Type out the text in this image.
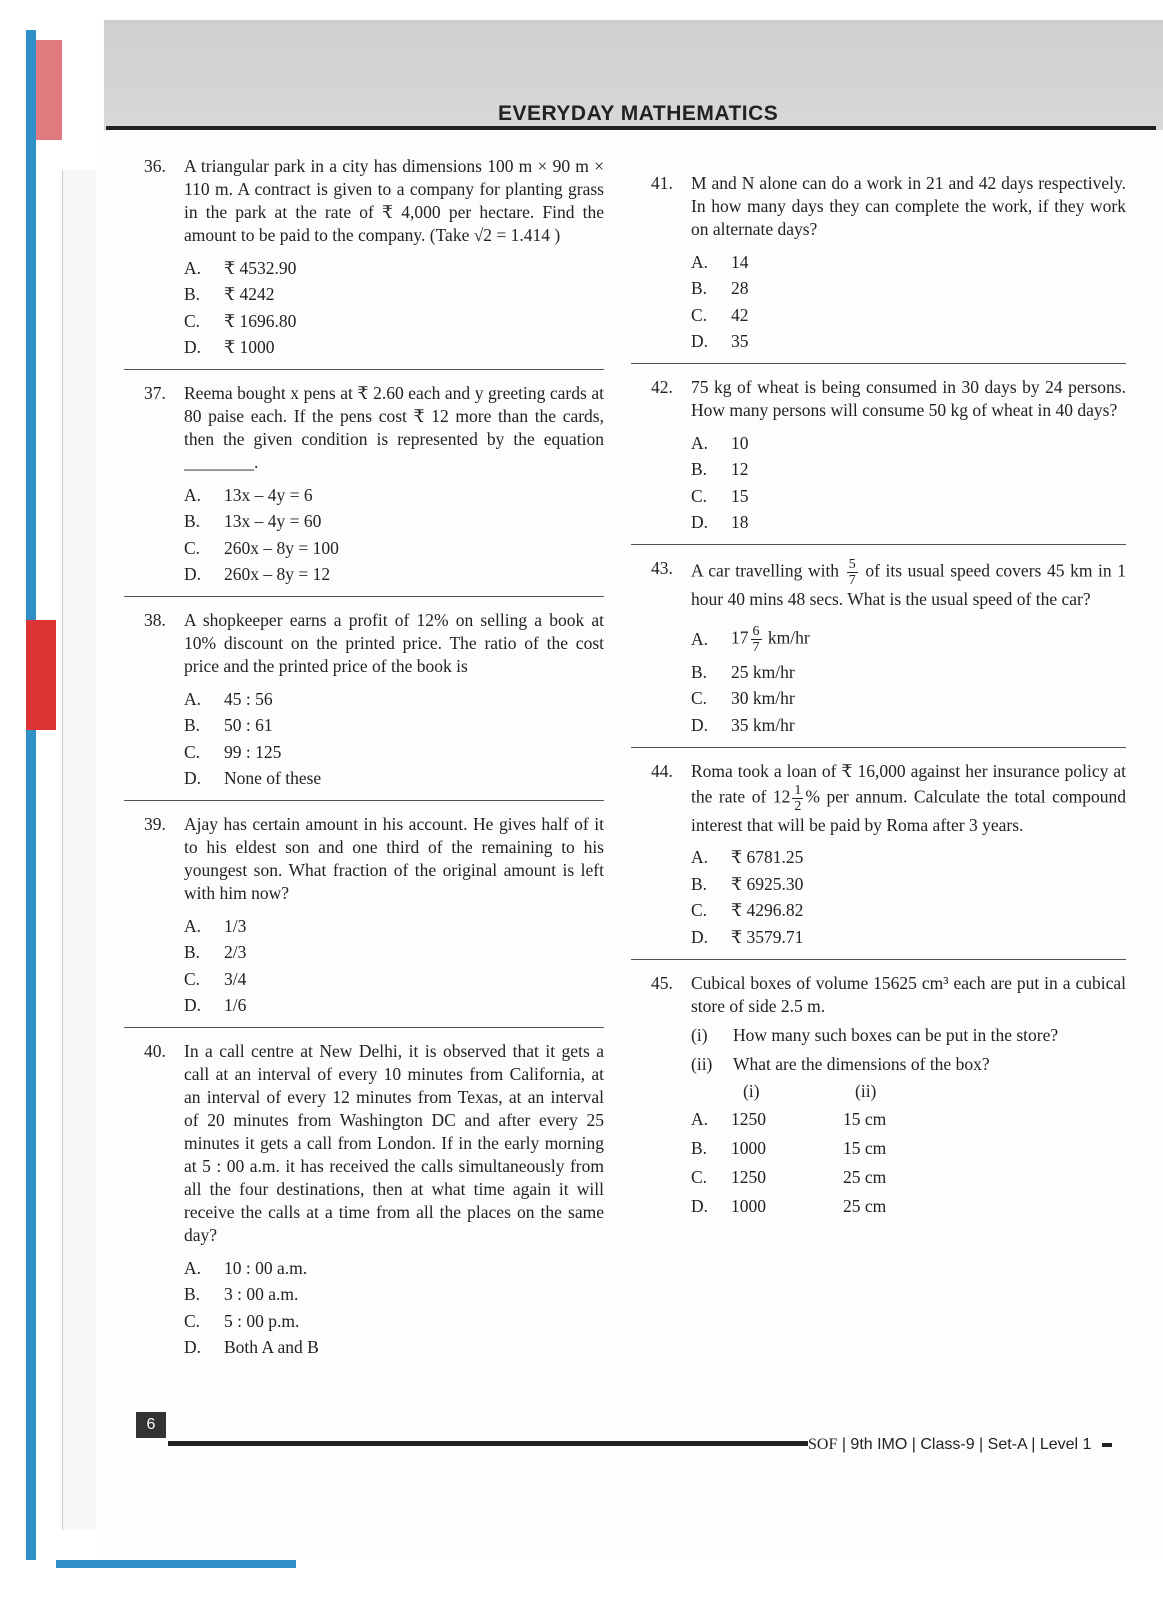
EVERYDAY MATHEMATICS
36. A triangular park in a city has dimensions 100 m × 90 m × 110 m. A contract is given to a company for planting grass in the park at the rate of ₹ 4,000 per hectare. Find the amount to be paid to the company. (Take √2 = 1.414 )
A.	₹ 4532.90
B.	₹ 4242
C.	₹ 1696.80
D.	₹ 1000
37. Reema bought x pens at ₹ 2.60 each and y greeting cards at 80 paise each. If the pens cost ₹ 12 more than the cards, then the given condition is represented by the equation ________.
A.	13x – 4y = 6
B.	13x – 4y = 60
C.	260x – 8y = 100
D.	260x – 8y = 12
38. A shopkeeper earns a profit of 12% on selling a book at 10% discount on the printed price. The ratio of the cost price and the printed price of the book is
A.	45 : 56
B.	50 : 61
C.	99 : 125
D.	None of these
39. Ajay has certain amount in his account. He gives half of it to his eldest son and one third of the remaining to his youngest son. What fraction of the original amount is left with him now?
A.	1/3
B.	2/3
C.	3/4
D.	1/6
40. In a call centre at New Delhi, it is observed that it gets a call at an interval of every 10 minutes from California, at an interval of every 12 minutes from Texas, at an interval of 20 minutes from Washington DC and after every 25 minutes it gets a call from London. If in the early morning at 5 : 00 a.m. it has received the calls simultaneously from all the four destinations, then at what time again it will receive the calls at a time from all the places on the same day?
A.	10 : 00 a.m.
B.	3 : 00 a.m.
C.	5 : 00 p.m.
D.	Both A and B
41. M and N alone can do a work in 21 and 42 days respectively. In how many days they can complete the work, if they work on alternate days?
A.	14
B.	28
C.	42
D.	35
42. 75 kg of wheat is being consumed in 30 days by 24 persons. How many persons will consume 50 kg of wheat in 40 days?
A.	10
B.	12
C.	15
D.	18
43. A car travelling with $\frac{5}{7}$ of its usual speed covers 45 km in 1 hour 40 mins 48 secs. What is the usual speed of the car?
A.	$17 \frac{6}{7} km/hr$
B.	25 km/hr
C.	30 km/hr
D.	35 km/hr
44. Roma took a loan of ₹ 16,000 against her insurance policy at the rate of $12 \frac{1}{2}$ % per annum. Calculate the total compound interest that will be paid by Roma after 3 years.
A.	₹ 6781.25
B.	₹ 6925.30
C.	₹ 4296.82
D.	₹ 3579.71
45. Cubical boxes of volume 15625 cm³ each are put in a cubical store of side 2.5 m.
(i)	How many such boxes can be put in the store?
(ii)	What are the dimensions of the box?
(i)	(ii)
A.	1250	15 cm
B.	1000	15 cm
C.	1250	25 cm
D.	1000	25 cm
6
SOF | 9th IMO | Class-9 | Set-A | Level 1
